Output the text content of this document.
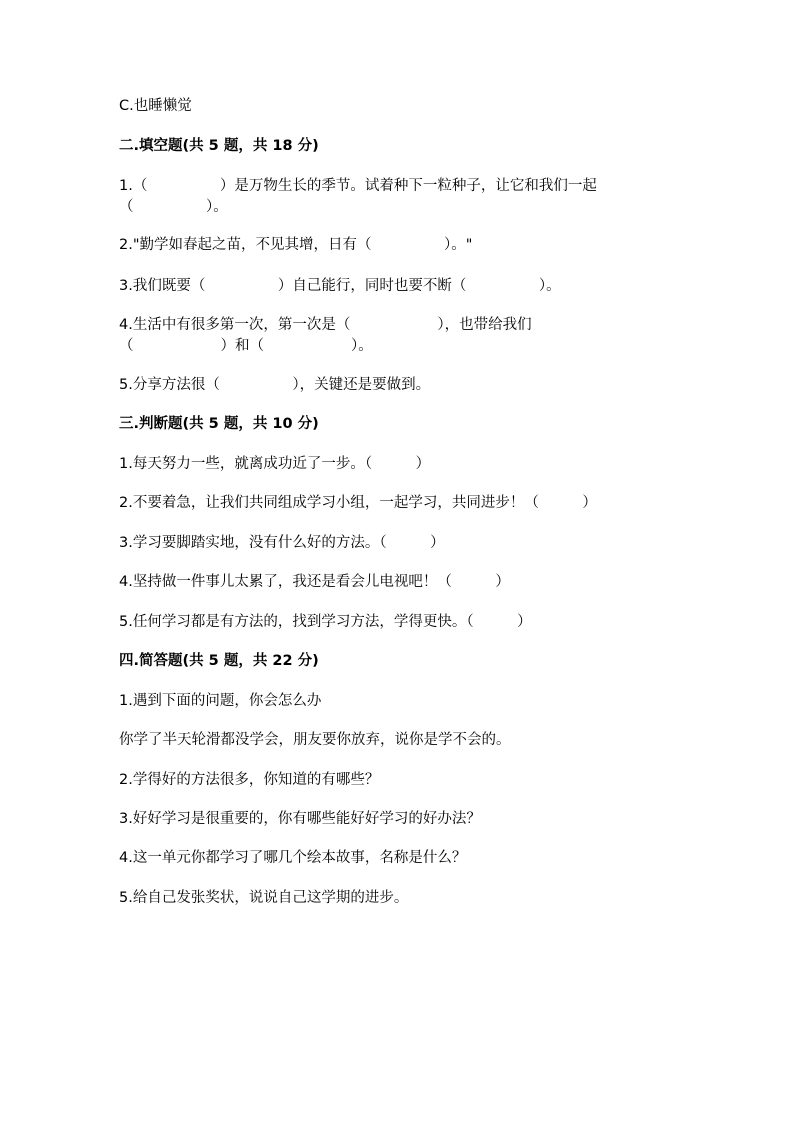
C.也睡懒觉
二.填空题(共 5 题，共 18 分)
1.（　　　　　）是万物生长的季节。试着种下一粒种子，让它和我们一起
（　　　　　）。
2."勤学如春起之苗，不见其增，日有（　　　　　）。"
3.我们既要（　　　　　）自己能行，同时也要不断（　　　　　）。
4.生活中有很多第一次，第一次是（　　　　　　），也带给我们
（　　　　　　）和（　　　　　　）。
5.分享方法很（　　　　　），关键还是要做到。
三.判断题(共 5 题，共 10 分)
1.每天努力一些，就离成功近了一步。（　　　）
2.不要着急，让我们共同组成学习小组，一起学习，共同进步！（　　　）
3.学习要脚踏实地，没有什么好的方法。（　　　）
4.坚持做一件事儿太累了，我还是看会儿电视吧！（　　　）
5.任何学习都是有方法的，找到学习方法，学得更快。（　　　）
四.简答题(共 5 题，共 22 分)
1.遇到下面的问题，你会怎么办
你学了半天轮滑都没学会，朋友要你放弃，说你是学不会的。
2.学得好的方法很多，你知道的有哪些？
3.好好学习是很重要的，你有哪些能好好学习的好办法？
4.这一单元你都学习了哪几个绘本故事，名称是什么？
5.给自己发张奖状，说说自己这学期的进步。
